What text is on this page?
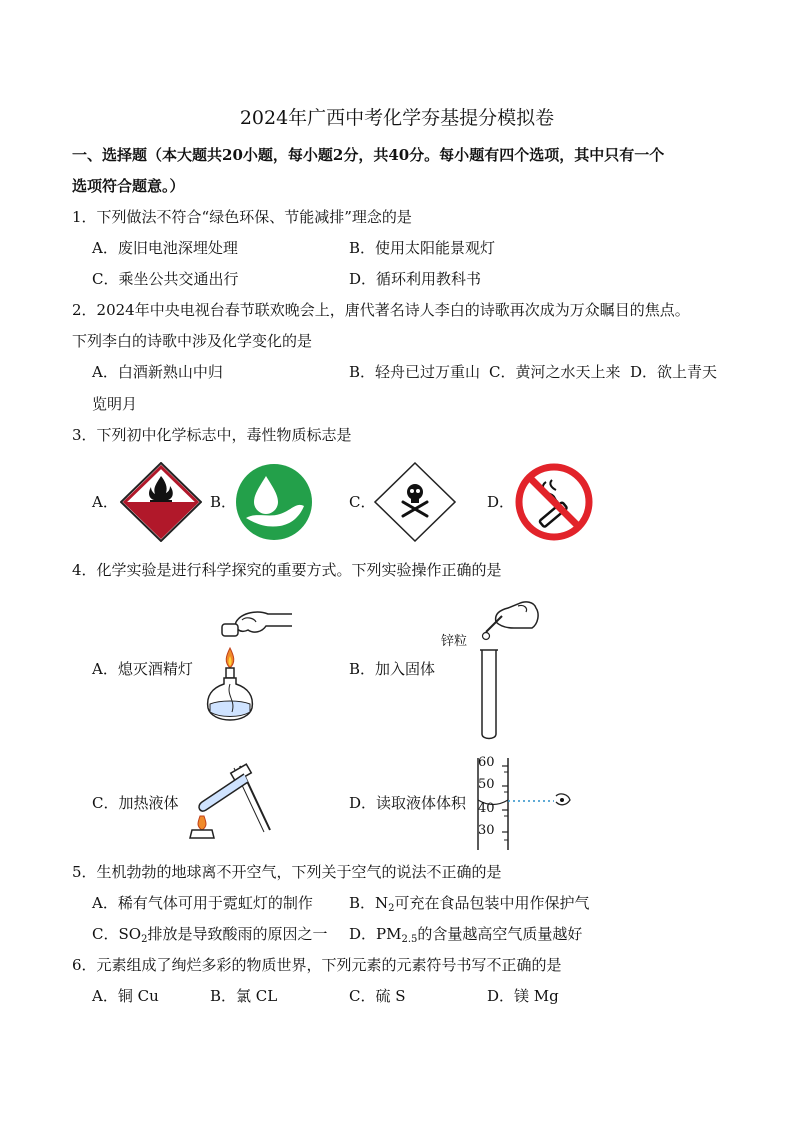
2024年广西中考化学夯基提分模拟卷
一、选择题（本大题共20小题，每小题2分，共40分。每小题有四个选项，其中只有一个
选项符合题意。）
1．下列做法不符合“绿色环保、节能减排”理念的是
A．废旧电池深埋处理	B．使用太阳能景观灯
C．乘坐公共交通出行	D．循环利用教科书
2．2024年中央电视台春节联欢晚会上，唐代著名诗人李白的诗歌再次成为万众瞩目的焦点。
下列李白的诗歌中涉及化学变化的是
A．白酒新熟山中归	B．轻舟已过万重山 C．黄河之水天上来 D．欲上青天
览明月
3．下列初中化学标志中，毒性物质标志是
A．	B．	C．	D．
4．化学实验是进行科学探究的重要方式。下列实验操作正确的是
A．熄灭酒精灯	B．加入固体
C．加热液体	D．读取液体体积
锌粒
60
50
40
30
5．生机勃勃的地球离不开空气，下列关于空气的说法不正确的是
A．稀有气体可用于霓虹灯的制作 B．$N_2$可充在食品包装中用作保护气
C．$SO_2$排放是导致酸雨的原因之一 D．$PM_{2.5}$的含量越高空气质量越好
6．元素组成了绚烂多彩的物质世界，下列元素的元素符号书写不正确的是
A．铜 Cu	B．氯 CL	C．硫 S	D．镁 Mg
